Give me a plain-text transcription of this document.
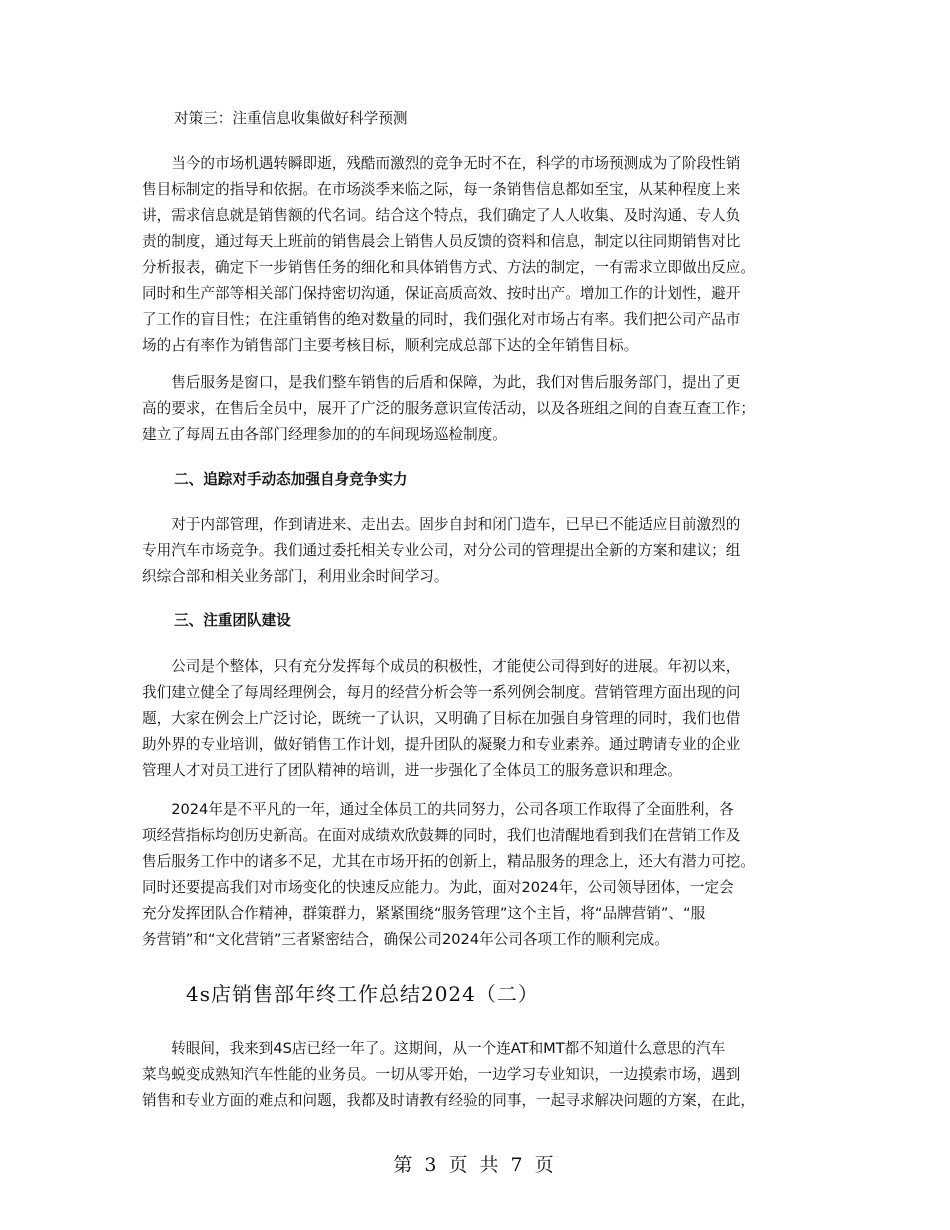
对策三：注重信息收集做好科学预测

　　当今的市场机遇转瞬即逝，残酷而激烈的竞争无时不在，科学的市场预测成为了阶段性销
售目标制定的指导和依据。在市场淡季来临之际，每一条销售信息都如至宝，从某种程度上来
讲，需求信息就是销售额的代名词。结合这个特点，我们确定了人人收集、及时沟通、专人负
责的制度，通过每天上班前的销售晨会上销售人员反馈的资料和信息，制定以往同期销售对比
分析报表，确定下一步销售任务的细化和具体销售方式、方法的制定，一有需求立即做出反应。
同时和生产部等相关部门保持密切沟通，保证高质高效、按时出产。增加工作的计划性，避开
了工作的盲目性；在注重销售的绝对数量的同时，我们强化对市场占有率。我们把公司产品市
场的占有率作为销售部门主要考核目标，顺利完成总部下达的全年销售目标。
　　售后服务是窗口，是我们整车销售的后盾和保障，为此，我们对售后服务部门，提出了更
高的要求，在售后全员中，展开了广泛的服务意识宣传活动，以及各班组之间的自查互查工作；
建立了每周五由各部门经理参加的的车间现场巡检制度。

二、追踪对手动态加强自身竞争实力

　　对于内部管理，作到请进来、走出去。固步自封和闭门造车，已早已不能适应目前激烈的
专用汽车市场竞争。我们通过委托相关专业公司，对分公司的管理提出全新的方案和建议；组
织综合部和相关业务部门，利用业余时间学习。

三、注重团队建设

　　公司是个整体，只有充分发挥每个成员的积极性，才能使公司得到好的进展。年初以来，
我们建立健全了每周经理例会，每月的经营分析会等一系列例会制度。营销管理方面出现的问
题，大家在例会上广泛讨论，既统一了认识，又明确了目标在加强自身管理的同时，我们也借
助外界的专业培训，做好销售工作计划，提升团队的凝聚力和专业素养。通过聘请专业的企业
管理人才对员工进行了团队精神的培训，进一步强化了全体员工的服务意识和理念。
　　2024年是不平凡的一年，通过全体员工的共同努力，公司各项工作取得了全面胜利，各
项经营指标均创历史新高。在面对成绩欢欣鼓舞的同时，我们也清醒地看到我们在营销工作及
售后服务工作中的诸多不足，尤其在市场开拓的创新上，精品服务的理念上，还大有潜力可挖。
同时还要提高我们对市场变化的快速反应能力。为此，面对2024年，公司领导团体，一定会
充分发挥团队合作精神，群策群力，紧紧围绕“服务管理”这个主旨，将“品牌营销”、“服
务营销”和“文化营销”三者紧密结合，确保公司2024年公司各项工作的顺利完成。

4s店销售部年终工作总结2024（二）

　　转眼间，我来到4S店已经一年了。这期间，从一个连AT和MT都不知道什么意思的汽车
菜鸟蜕变成熟知汽车性能的业务员。一切从零开始，一边学习专业知识，一边摸索市场，遇到
销售和专业方面的难点和问题，我都及时请教有经验的同事，一起寻求解决问题的方案，在此，

第 3 页 共 7 页
